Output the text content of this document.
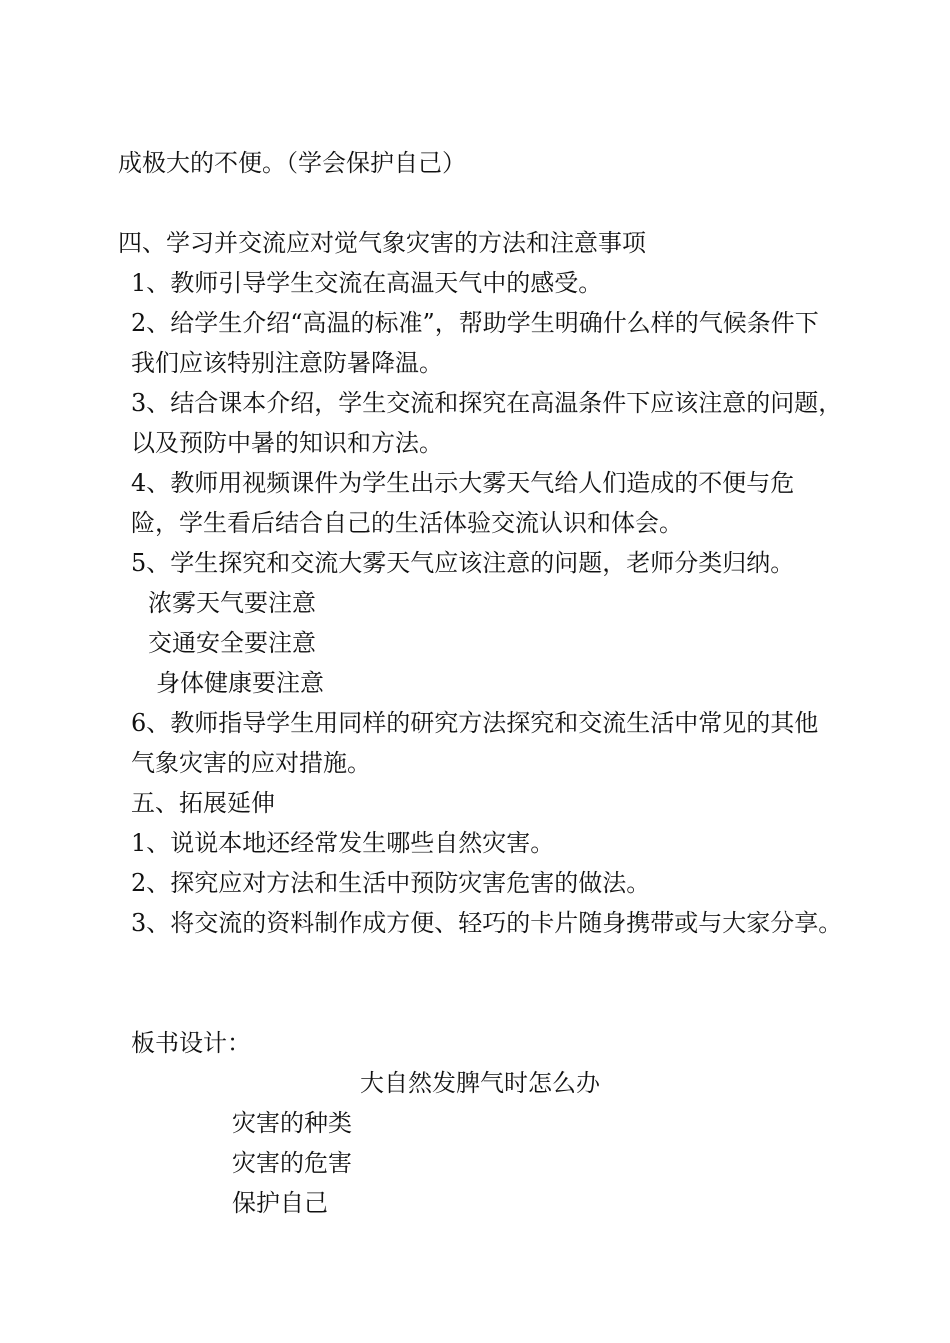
成极大的不便。（学会保护自己）
四、学习并交流应对觉气象灾害的方法和注意事项
1、教师引导学生交流在高温天气中的感受。
2、给学生介绍“高温的标准”，帮助学生明确什么样的气候条件下
我们应该特别注意防暑降温。
3、结合课本介绍，学生交流和探究在高温条件下应该注意的问题，
以及预防中暑的知识和方法。
4、教师用视频课件为学生出示大雾天气给人们造成的不便与危
险，学生看后结合自己的生活体验交流认识和体会。
5、学生探究和交流大雾天气应该注意的问题，老师分类归纳。
浓雾天气要注意
交通安全要注意
身体健康要注意
6、教师指导学生用同样的研究方法探究和交流生活中常见的其他
气象灾害的应对措施。
五、拓展延伸
1、说说本地还经常发生哪些自然灾害。
2、探究应对方法和生活中预防灾害危害的做法。
3、将交流的资料制作成方便、轻巧的卡片随身携带或与大家分享。
板书设计：
大自然发脾气时怎么办
灾害的种类
灾害的危害
保护自己
